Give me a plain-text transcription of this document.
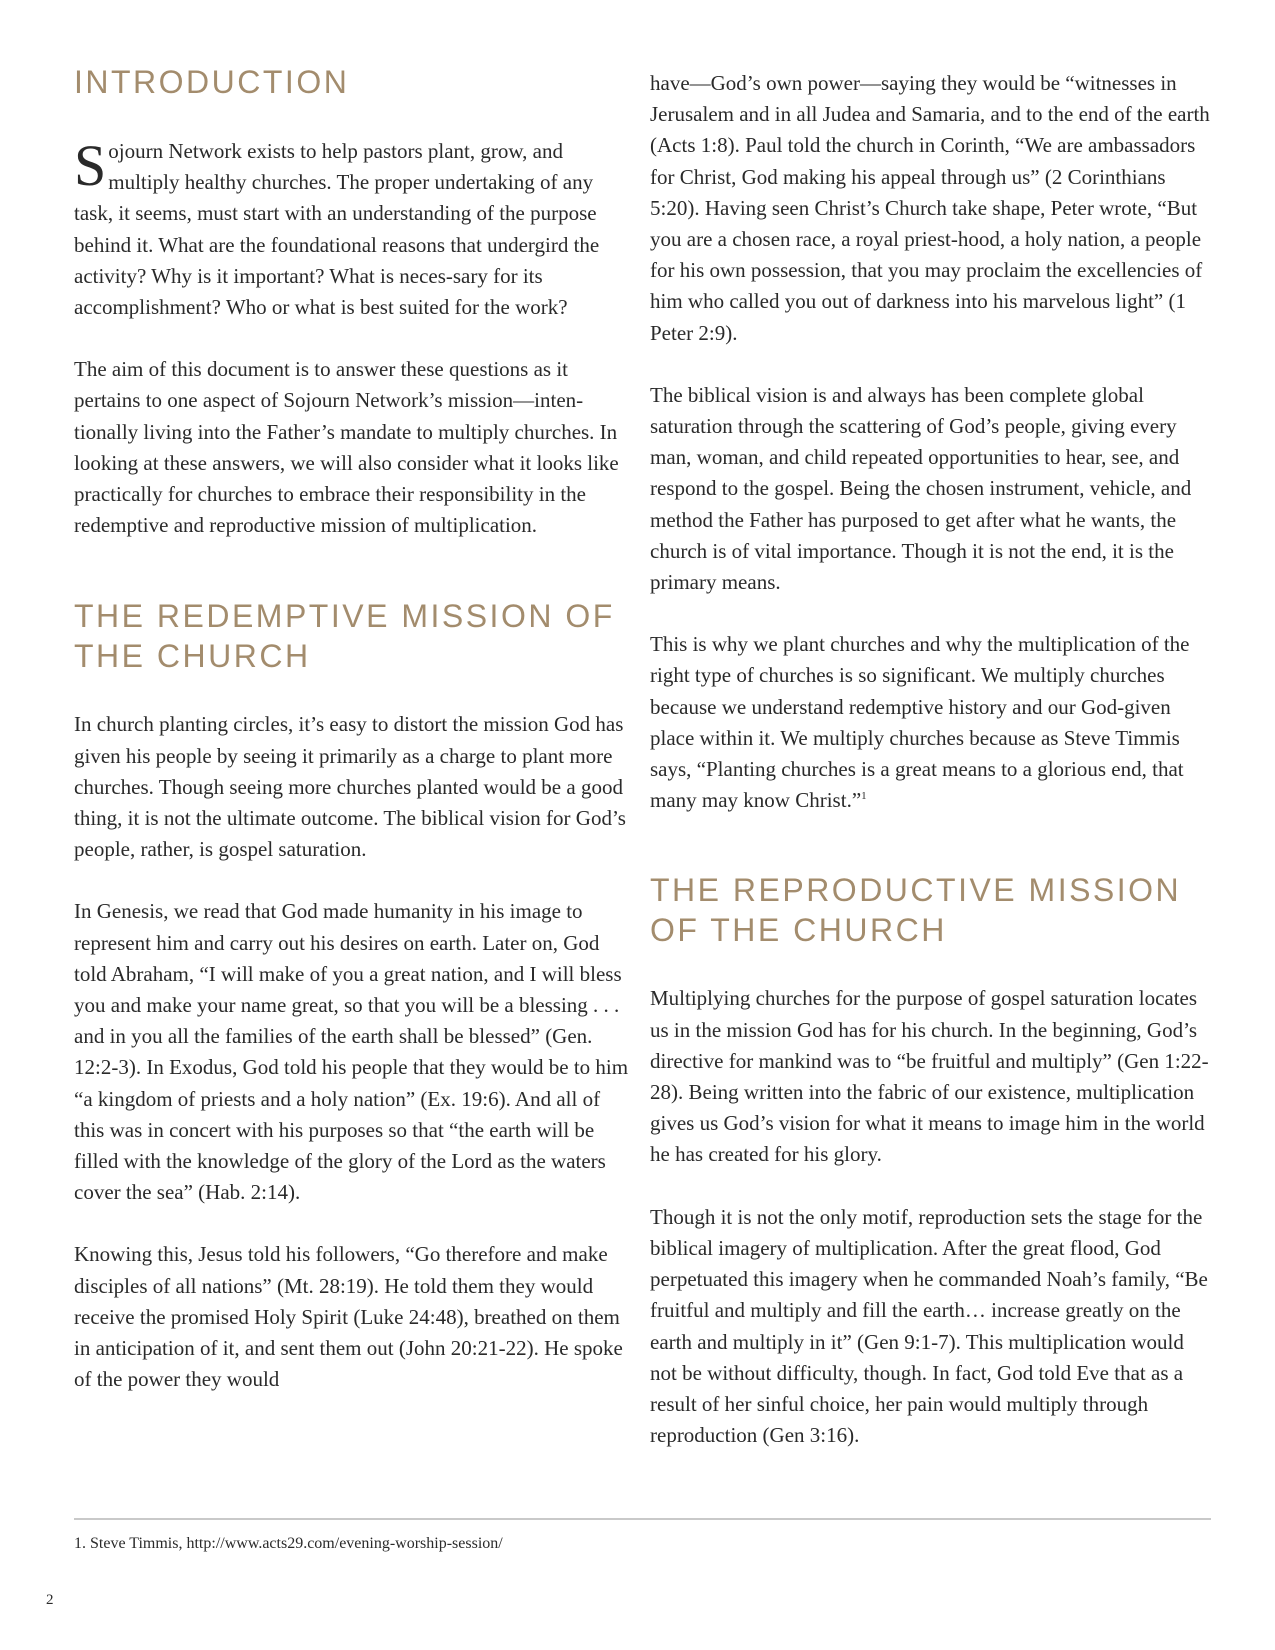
INTRODUCTION

Sojourn Network exists to help pastors plant, grow, and multiply healthy churches. The proper undertaking of any task, it seems, must start with an understanding of the purpose behind it. What are the foundational reasons that undergird the activity? Why is it important? What is neces-sary for its accomplishment? Who or what is best suited for the work?

The aim of this document is to answer these questions as it pertains to one aspect of Sojourn Network’s mission—inten-tionally living into the Father’s mandate to multiply churches. In looking at these answers, we will also consider what it looks like practically for churches to embrace their responsibility in the redemptive and reproductive mission of multiplication.

THE REDEMPTIVE MISSION OF THE CHURCH

In church planting circles, it’s easy to distort the mission God has given his people by seeing it primarily as a charge to plant more churches. Though seeing more churches planted would be a good thing, it is not the ultimate outcome. The biblical vision for God’s people, rather, is gospel saturation.

In Genesis, we read that God made humanity in his image to represent him and carry out his desires on earth. Later on, God told Abraham, “I will make of you a great nation, and I will bless you and make your name great, so that you will be a blessing . . . and in you all the families of the earth shall be blessed” (Gen. 12:2-3). In Exodus, God told his people that they would be to him “a kingdom of priests and a holy nation” (Ex. 19:6). And all of this was in concert with his purposes so that “the earth will be filled with the knowledge of the glory of the Lord as the waters cover the sea” (Hab. 2:14).

Knowing this, Jesus told his followers, “Go therefore and make disciples of all nations” (Mt. 28:19). He told them they would receive the promised Holy Spirit (Luke 24:48), breathed on them in anticipation of it, and sent them out (John 20:21-22). He spoke of the power they would

have—God’s own power—saying they would be “witnesses in Jerusalem and in all Judea and Samaria, and to the end of the earth (Acts 1:8). Paul told the church in Corinth, “We are ambassadors for Christ, God making his appeal through us” (2 Corinthians 5:20). Having seen Christ’s Church take shape, Peter wrote, “But you are a chosen race, a royal priest-hood, a holy nation, a people for his own possession, that you may proclaim the excellencies of him who called you out of darkness into his marvelous light” (1 Peter 2:9).

The biblical vision is and always has been complete global saturation through the scattering of God’s people, giving every man, woman, and child repeated opportunities to hear, see, and respond to the gospel. Being the chosen instrument, vehicle, and method the Father has purposed to get after what he wants, the church is of vital importance. Though it is not the end, it is the primary means.

This is why we plant churches and why the multiplication of the right type of churches is so significant. We multiply churches because we understand redemptive history and our God-given place within it. We multiply churches because as Steve Timmis says, “Planting churches is a great means to a glorious end, that many may know Christ.”$^1$

THE REPRODUCTIVE MISSION OF THE CHURCH

Multiplying churches for the purpose of gospel saturation locates us in the mission God has for his church. In the beginning, God’s directive for mankind was to “be fruitful and multiply” (Gen 1:22-28). Being written into the fabric of our existence, multiplication gives us God’s vision for what it means to image him in the world he has created for his glory.

Though it is not the only motif, reproduction sets the stage for the biblical imagery of multiplication. After the great flood, God perpetuated this imagery when he commanded Noah’s family, “Be fruitful and multiply and fill the earth… increase greatly on the earth and multiply in it” (Gen 9:1-7). This multiplication would not be without difficulty, though. In fact, God told Eve that as a result of her sinful choice, her pain would multiply through reproduction (Gen 3:16).

1. Steve Timmis, http://www.acts29.com/evening-worship-session/
2
